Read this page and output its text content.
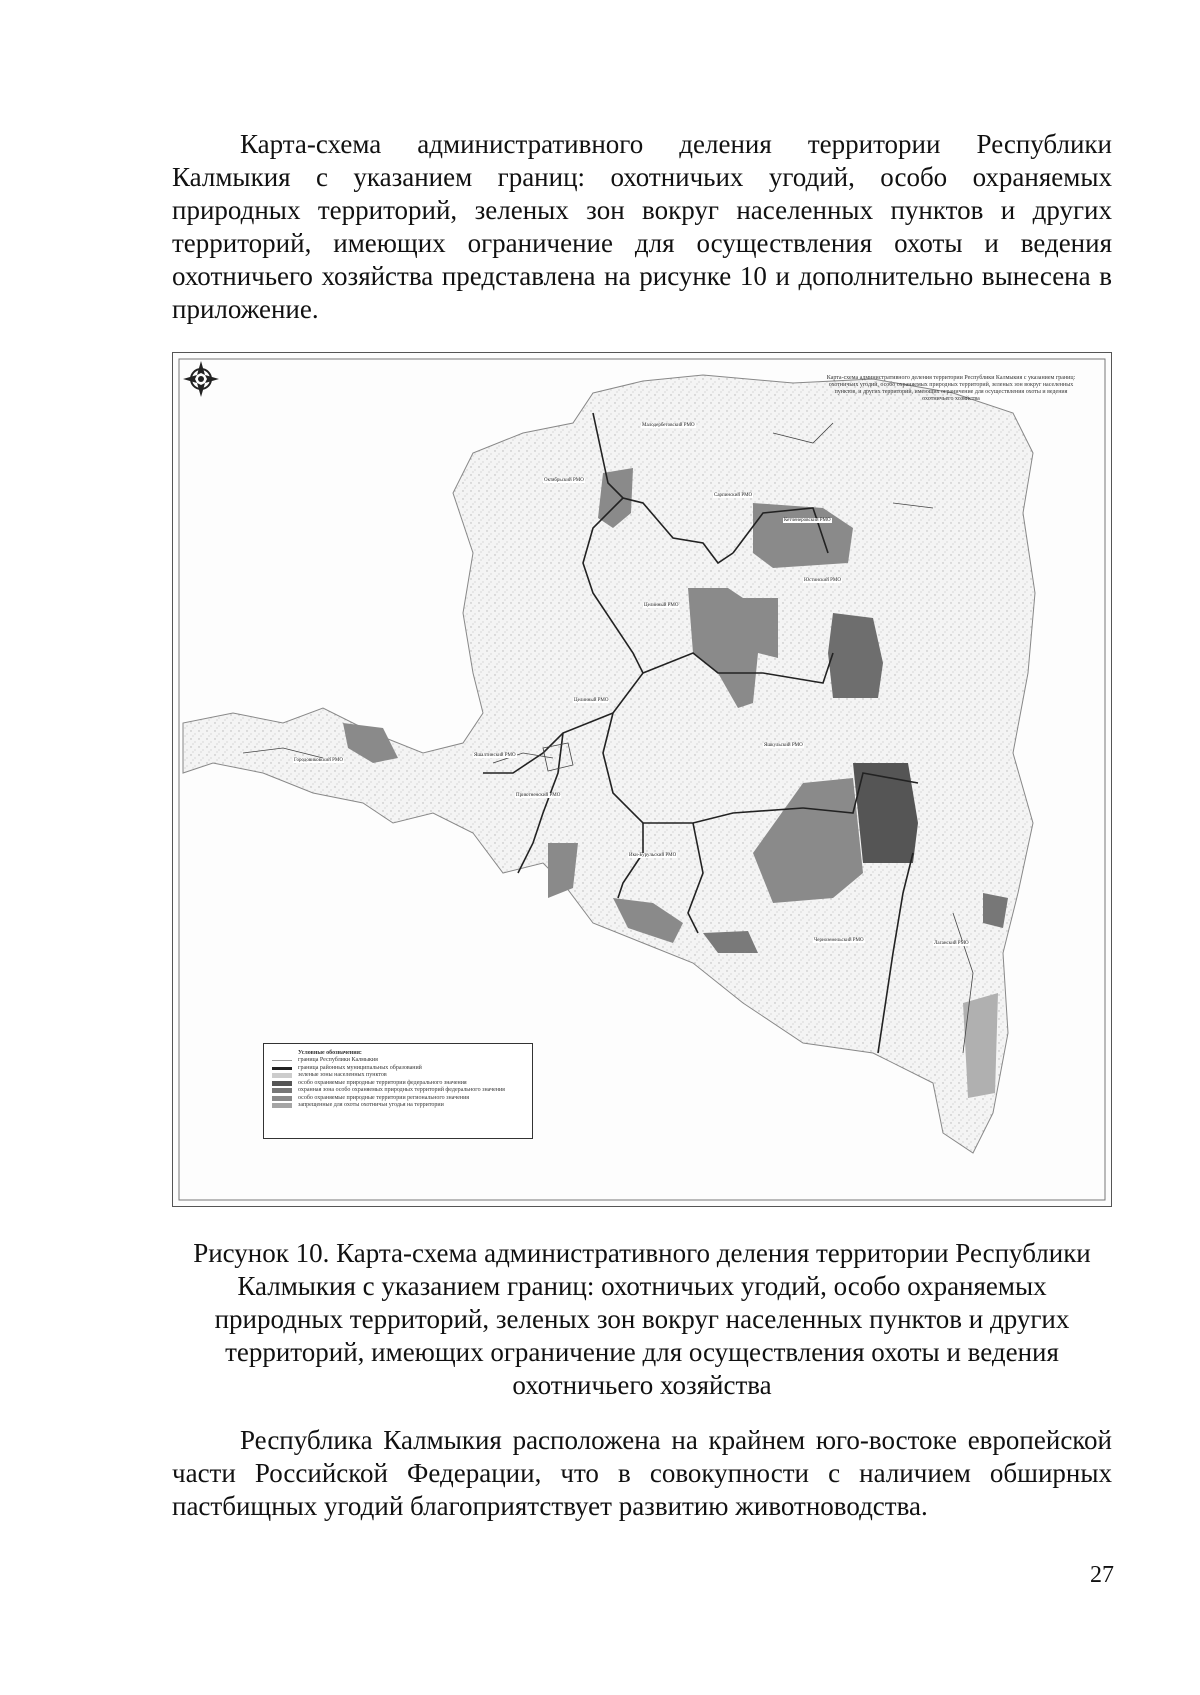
Карта-схема административного деления территории Республики Калмыкия с указанием границ: охотничьих угодий, особо охраняемых природных территорий, зеленых зон вокруг населенных пунктов и других территорий, имеющих ограничение для осуществления охоты и ведения охотничьего хозяйства представлена на рисунке 10 и дополнительно вынесена в приложение.

Карта-схема административного деления территории Республики Калмыкия с указанием границ: охотничьих угодий, особо охраняемых природных территорий, зеленых зон вокруг населенных пунктов, и других территорий, имеющих ограничение для осуществления охоты и ведения охотничьего хозяйства
Малодербетовский РМО
Сарпинский РМО
Октябрьский РМО
Кетченеровский РМО
Юстинский РМО
Целинный РМО
Целинный РМО
Яшкульский РМО
Приютненский РМО
Ики-Бурульский РМО
Черноземельский РМО
Лаганский РМО
Городовиковский РМО
Яшалтинский РМО
Условные обозначения:
граница Республики Калмыкия
граница районных муниципальных образований
зеленые зоны населенных пунктов
особо охраняемые природные территории федерального значения
охранная зона особо охраняемых природных территорий федерального значения
особо охраняемые природные территории регионального значения
запрещенные для охоты охотничьи угодья на территории

Рисунок 10. Карта-схема административного деления территории Республики Калмыкия с указанием границ: охотничьих угодий, особо охраняемых природных территорий, зеленых зон вокруг населенных пунктов и других территорий, имеющих ограничение для осуществления охоты и ведения охотничьего хозяйства

Республика Калмыкия расположена на крайнем юго-востоке европейской части Российской Федерации, что в совокупности с наличием обширных пастбищных угодий благоприятствует развитию животноводства.

27
